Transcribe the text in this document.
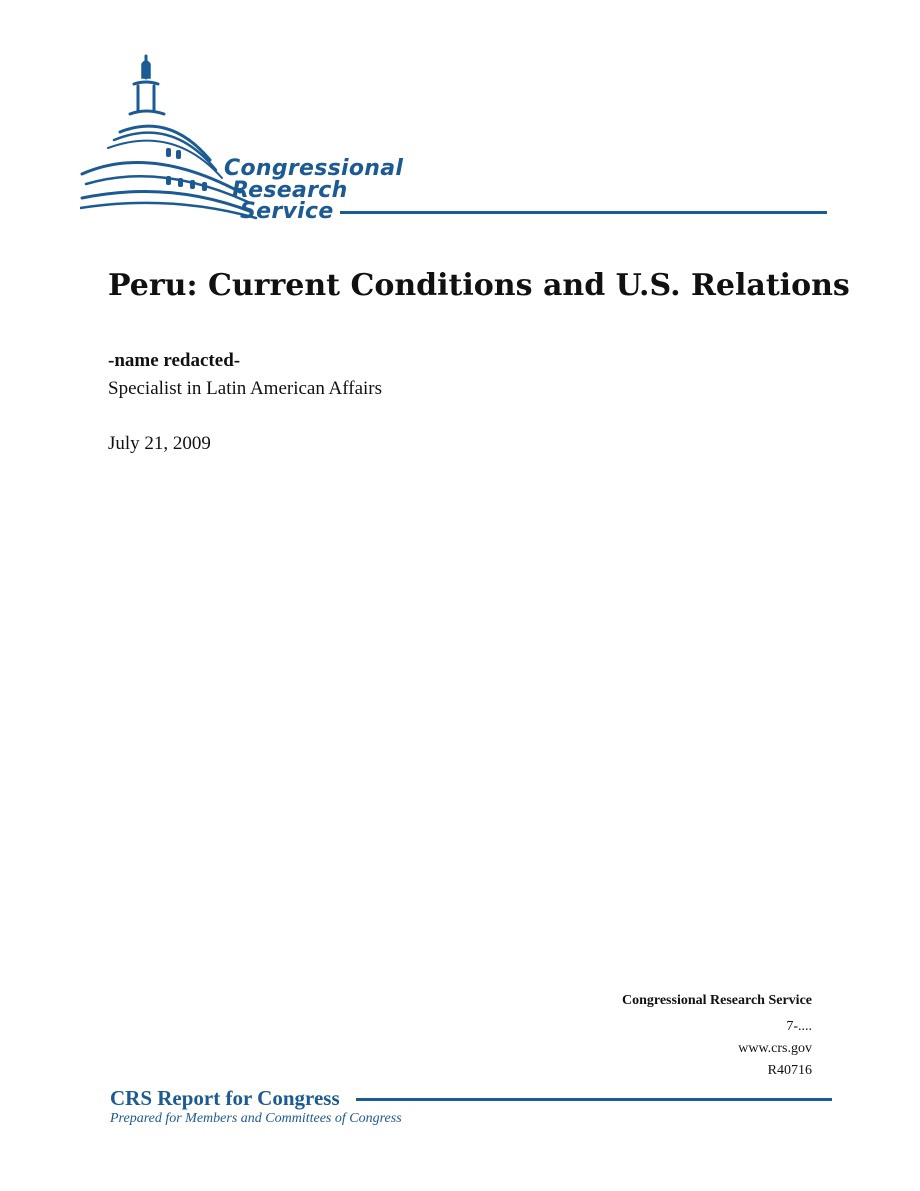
Congressional
Research
Service
Peru: Current Conditions and U.S. Relations
-name redacted-
Specialist in Latin American Affairs
July 21, 2009
Congressional Research Service
7-....
www.crs.gov
R40716
CRS Report for Congress
Prepared for Members and Committees of Congress
